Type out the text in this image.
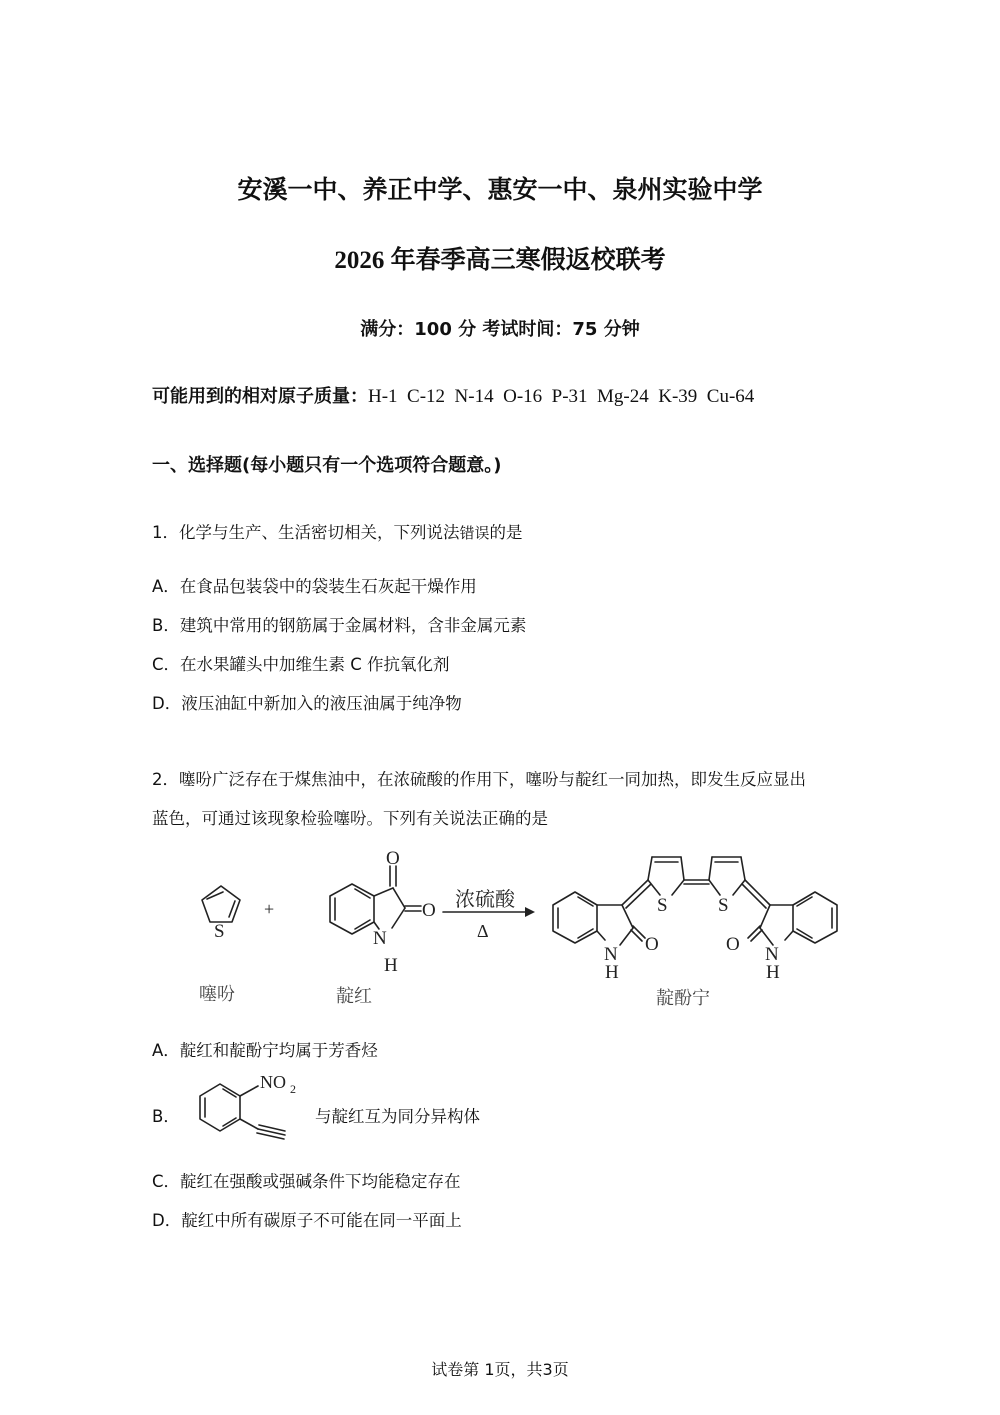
安溪一中、养正中学、惠安一中、泉州实验中学
2026 年春季高三寒假返校联考
满分：100 分 考试时间：75 分钟
可能用到的相对原子质量：H-1  C-12  N-14  O-16  P-31  Mg-24  K-39  Cu-64
一、选择题(每小题只有一个选项符合题意。)
1．化学与生产、生活密切相关，下列说法错误的是
A．在食品包装袋中的袋装生石灰起干燥作用
B．建筑中常用的钢筋属于金属材料，含非金属元素
C．在水果罐头中加维生素 C 作抗氧化剂
D．液压油缸中新加入的液压油属于纯净物
2．噻吩广泛存在于煤焦油中，在浓硫酸的作用下，噻吩与靛红一同加热，即发生反应显出
蓝色，可通过该现象检验噻吩。下列有关说法正确的是
S
+
O
O
N
H
S	S
O	O
N
H
N
H
浓硫酸
Δ
噻吩	靛红	靛酚宁
NO 2
A．靛红和靛酚宁均属于芳香烃
B．	与靛红互为同分异构体
C．靛红在强酸或强碱条件下均能稳定存在
D．靛红中所有碳原子不可能在同一平面上
试卷第 1页，共3页
